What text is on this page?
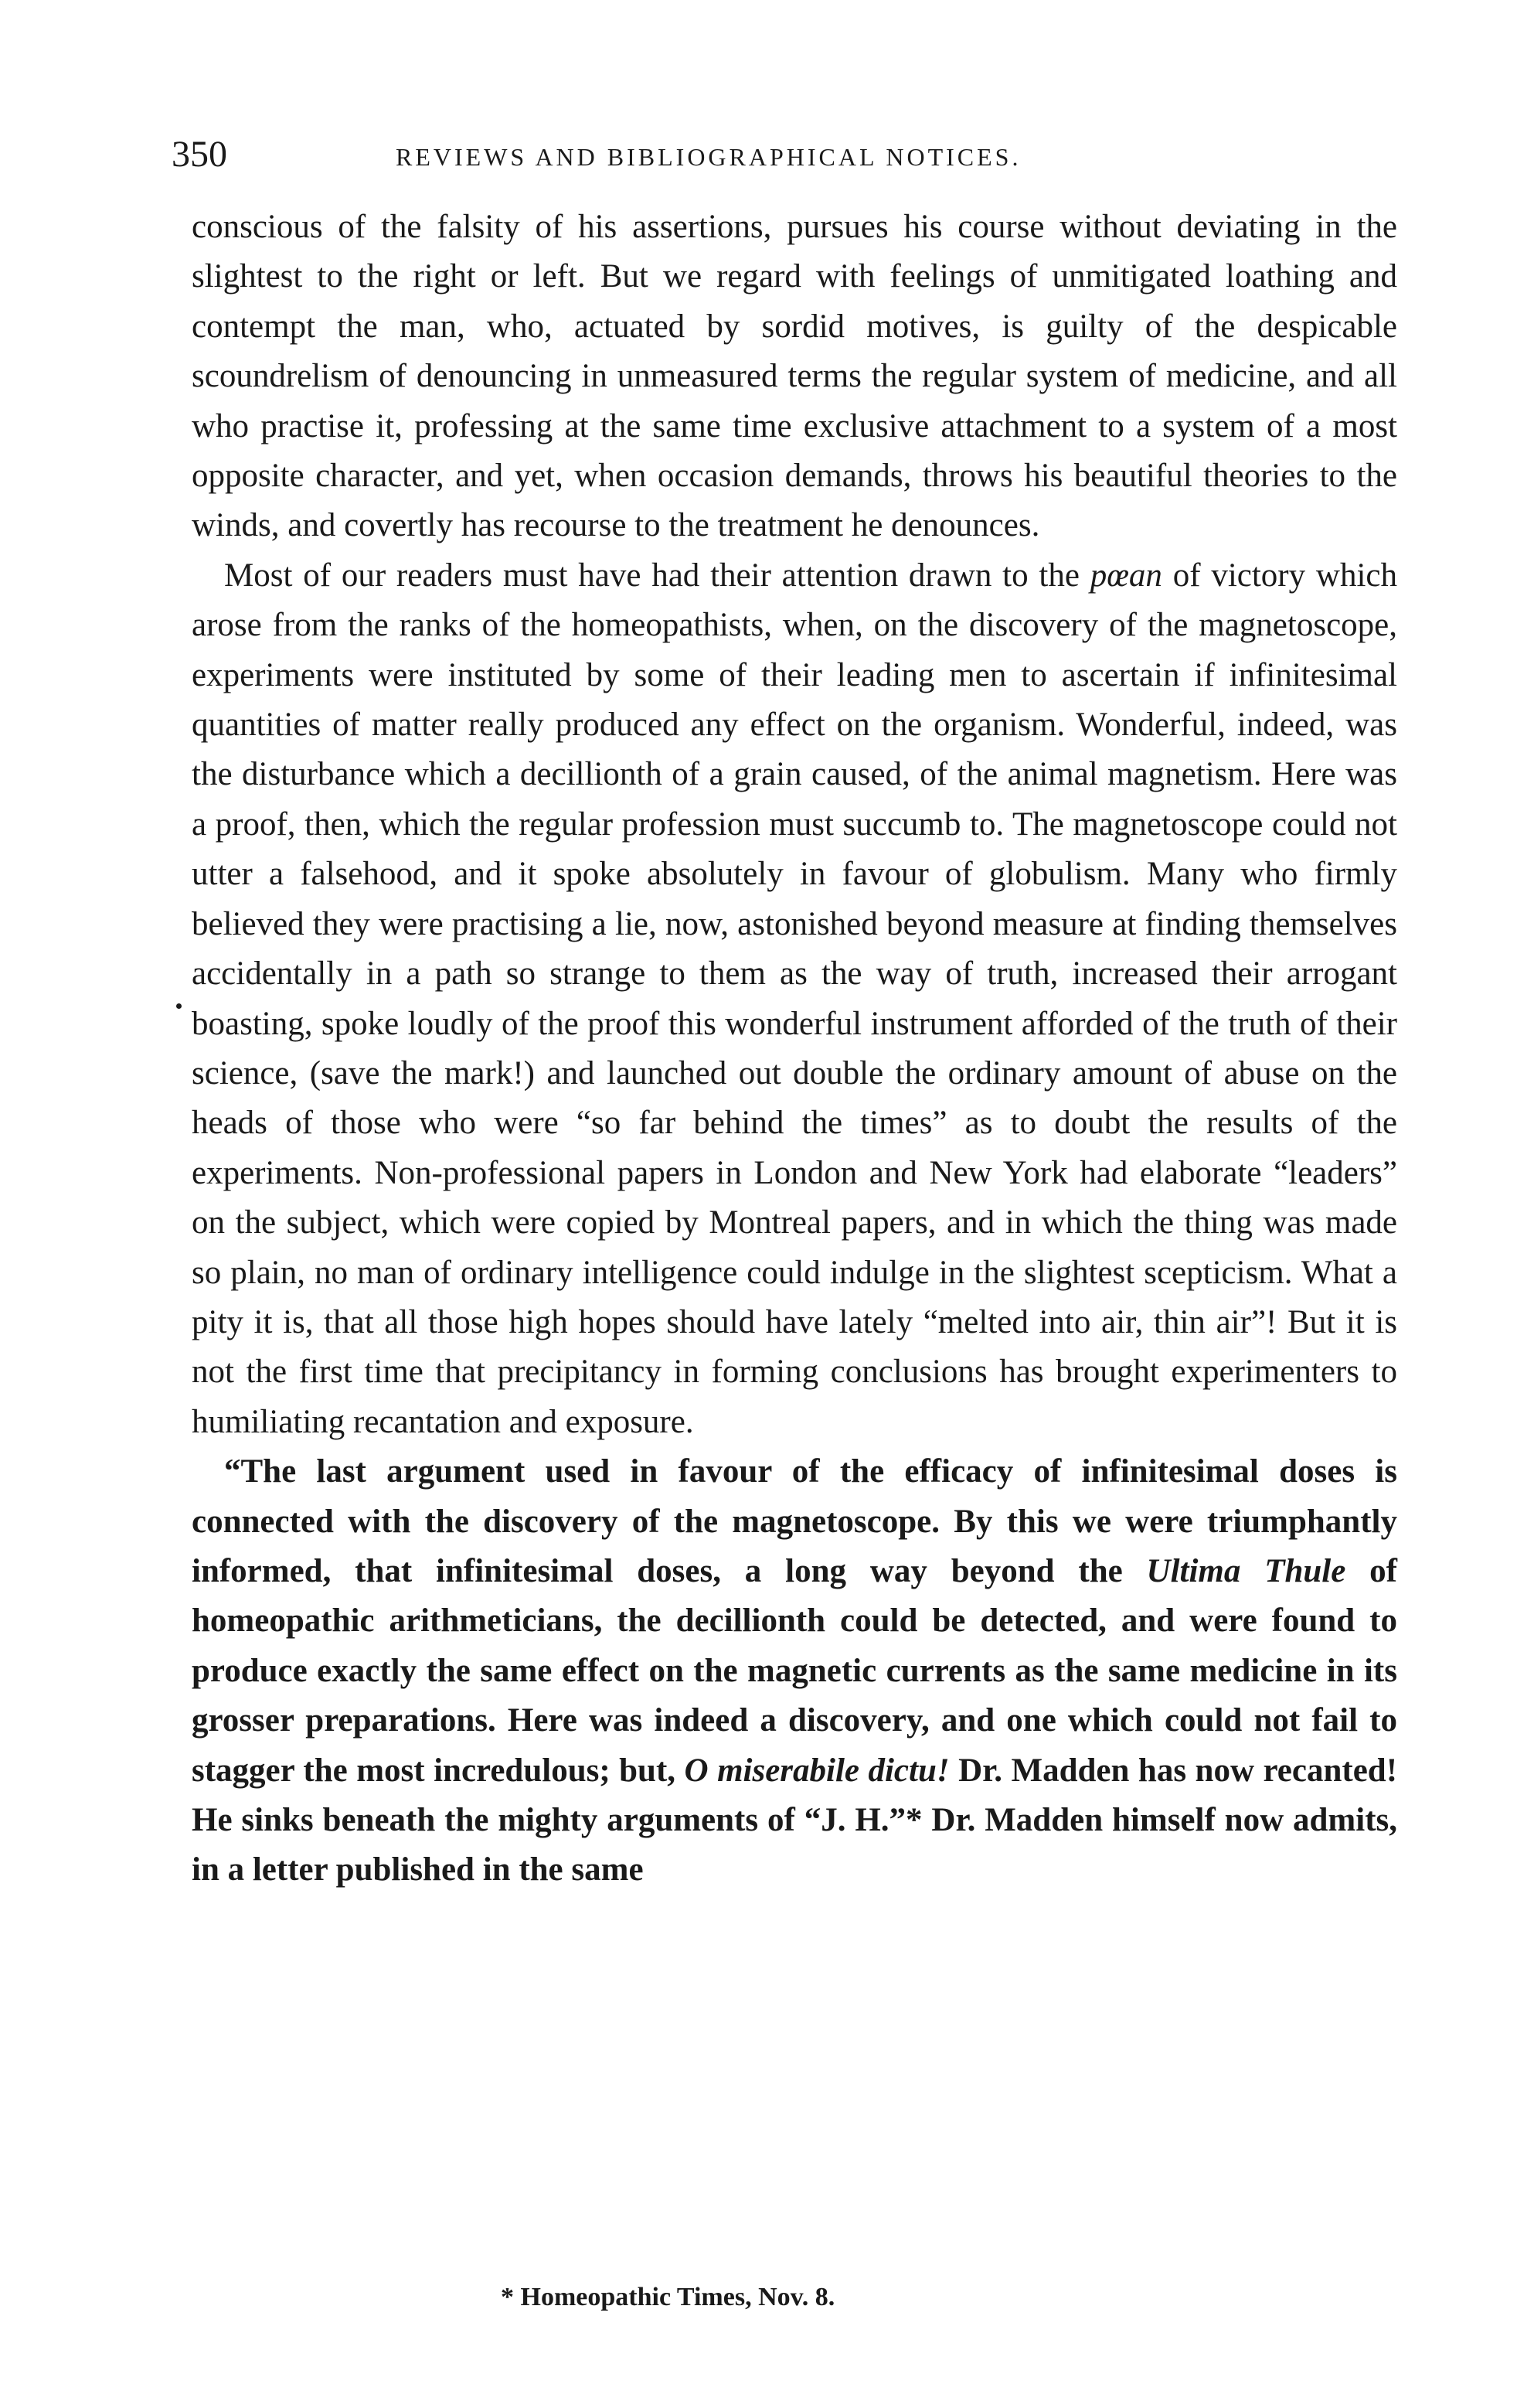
350	REVIEWS AND BIBLIOGRAPHICAL NOTICES.

conscious of the falsity of his assertions, pursues his course without deviating in the slightest to the right or left. But we regard with feelings of unmitigated loathing and contempt the man, who, actuated by sordid motives, is guilty of the despicable scoundrelism of denouncing in unmeasured terms the regular system of medicine, and all who practise it, professing at the same time exclusive attachment to a system of a most opposite character, and yet, when occasion demands, throws his beautiful theories to the winds, and covertly has recourse to the treatment he denounces.

Most of our readers must have had their attention drawn to the pœan of victory which arose from the ranks of the homeopathists, when, on the discovery of the magnetoscope, experiments were instituted by some of their leading men to ascertain if infinitesimal quantities of matter really produced any effect on the organism. Wonderful, indeed, was the disturbance which a decillionth of a grain caused, of the animal magnetism. Here was a proof, then, which the regular profession must succumb to. The magnetoscope could not utter a falsehood, and it spoke absolutely in favour of globulism. Many who firmly believed they were practising a lie, now, astonished beyond measure at finding themselves accidentally in a path so strange to them as the way of truth, increased their arrogant boasting, spoke loudly of the proof this wonderful instrument afforded of the truth of their science, (save the mark!) and launched out double the ordinary amount of abuse on the heads of those who were “so far behind the times” as to doubt the results of the experiments. Non-professional papers in London and New York had elaborate “leaders” on the subject, which were copied by Montreal papers, and in which the thing was made so plain, no man of ordinary intelligence could indulge in the slightest scepticism. What a pity it is, that all those high hopes should have lately “melted into air, thin air”! But it is not the first time that precipitancy in forming conclusions has brought experimenters to humiliating recantation and exposure.

“The last argument used in favour of the efficacy of infinitesimal doses is connected with the discovery of the magnetoscope. By this we were triumphantly informed, that infinitesimal doses, a long way beyond the Ultima Thule of homeopathic arithmeticians, the decillionth could be detected, and were found to produce exactly the same effect on the magnetic currents as the same medicine in its grosser preparations. Here was indeed a discovery, and one which could not fail to stagger the most incredulous; but, O miserabile dictu! Dr. Madden has now recanted! He sinks beneath the mighty arguments of “J. H.”* Dr. Madden himself now admits, in a letter published in the same

* Homeopathic Times, Nov. 8.
